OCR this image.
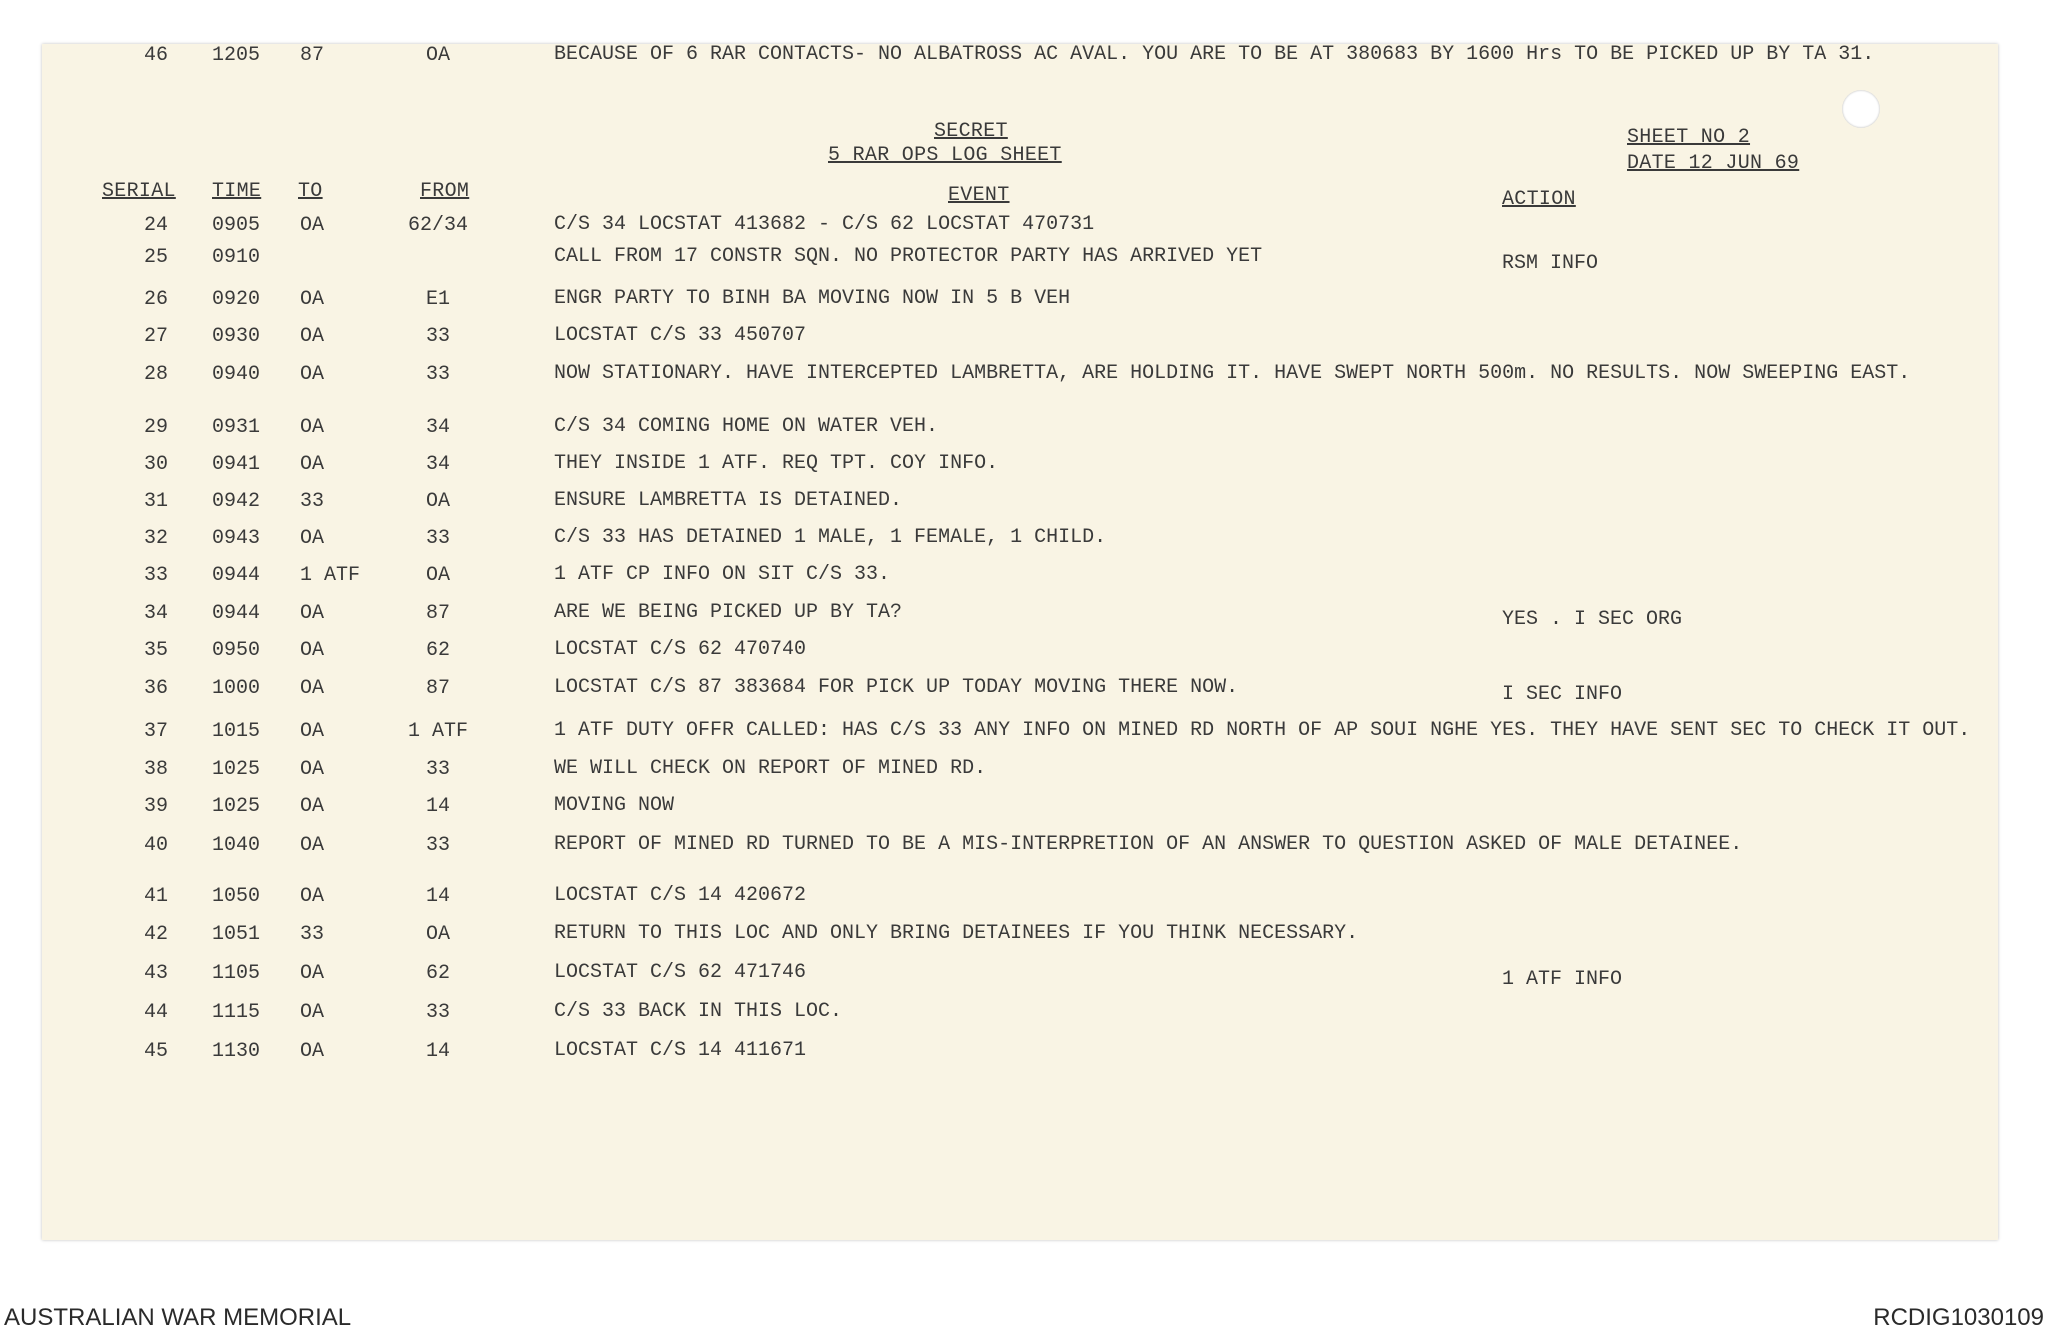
SECRET
5 RAR OPS LOG SHEET
SHEET NO 2
DATE 12 JUN 69
SERIAL TIME TO	FROM	EVENT	ACTION
24	0905 OA	62/34	C/S 34 LOCSTAT 413682 - C/S 62 LOCSTAT 470731
25	0910	CALL FROM 17 CONSTR SQN. NO PROTECTOR PARTY HAS ARRIVED YET	RSM INFO
26	0920 OA	E1	ENGR PARTY TO BINH BA MOVING NOW IN 5 B VEH
27	0930 OA	33	LOCSTAT C/S 33 450707
28	0940 OA	33	NOW STATIONARY. HAVE INTERCEPTED LAMBRETTA, ARE HOLDING IT. HAVE SWEPT NORTH 500m. NO RESULTS. NOW SWEEPING EAST.
29	0931 OA	34	C/S 34 COMING HOME ON WATER VEH.
30	0941 OA	34	THEY INSIDE 1 ATF. REQ TPT. COY INFO.
31	0942 33	OA	ENSURE LAMBRETTA IS DETAINED.
32	0943 OA	33	C/S 33 HAS DETAINED 1 MALE, 1 FEMALE, 1 CHILD.
33	0944 1 ATF	OA	1 ATF CP INFO ON SIT C/S 33.
34	0944 OA	87	ARE WE BEING PICKED UP BY TA?	YES . I SEC ORG
35	0950 OA	62	LOCSTAT C/S 62 470740
36	1000 OA	87	LOCSTAT C/S 87 383684 FOR PICK UP TODAY MOVING THERE NOW.	I SEC INFO
37	1015 OA	1 ATF	1 ATF DUTY OFFR CALLED: HAS C/S 33 ANY INFO ON MINED RD NORTH OF AP SOUI NGHE YES. THEY HAVE SENT SEC TO CHECK IT OUT.
38	1025 OA	33	WE WILL CHECK ON REPORT OF MINED RD.
39	1025 OA	14	MOVING NOW
40	1040 OA	33	REPORT OF MINED RD TURNED TO BE A MIS-INTERPRETION OF AN ANSWER TO QUESTION ASKED OF MALE DETAINEE.
41	1050 OA	14	LOCSTAT C/S 14 420672
42	1051 33	OA	RETURN TO THIS LOC AND ONLY BRING DETAINEES IF YOU THINK NECESSARY.
43	1105 OA	62	LOCSTAT C/S 62 471746	1 ATF INFO
44	1115 OA	33	C/S 33 BACK IN THIS LOC.
45	1130 OA	14	LOCSTAT C/S 14 411671
46	1205 87	OA	BECAUSE OF 6 RAR CONTACTS- NO ALBATROSS AC AVAL. YOU ARE TO BE AT 380683 BY 1600 Hrs TO BE PICKED UP BY TA 31.
AUSTRALIAN WAR MEMORIAL	RCDIG1030109
